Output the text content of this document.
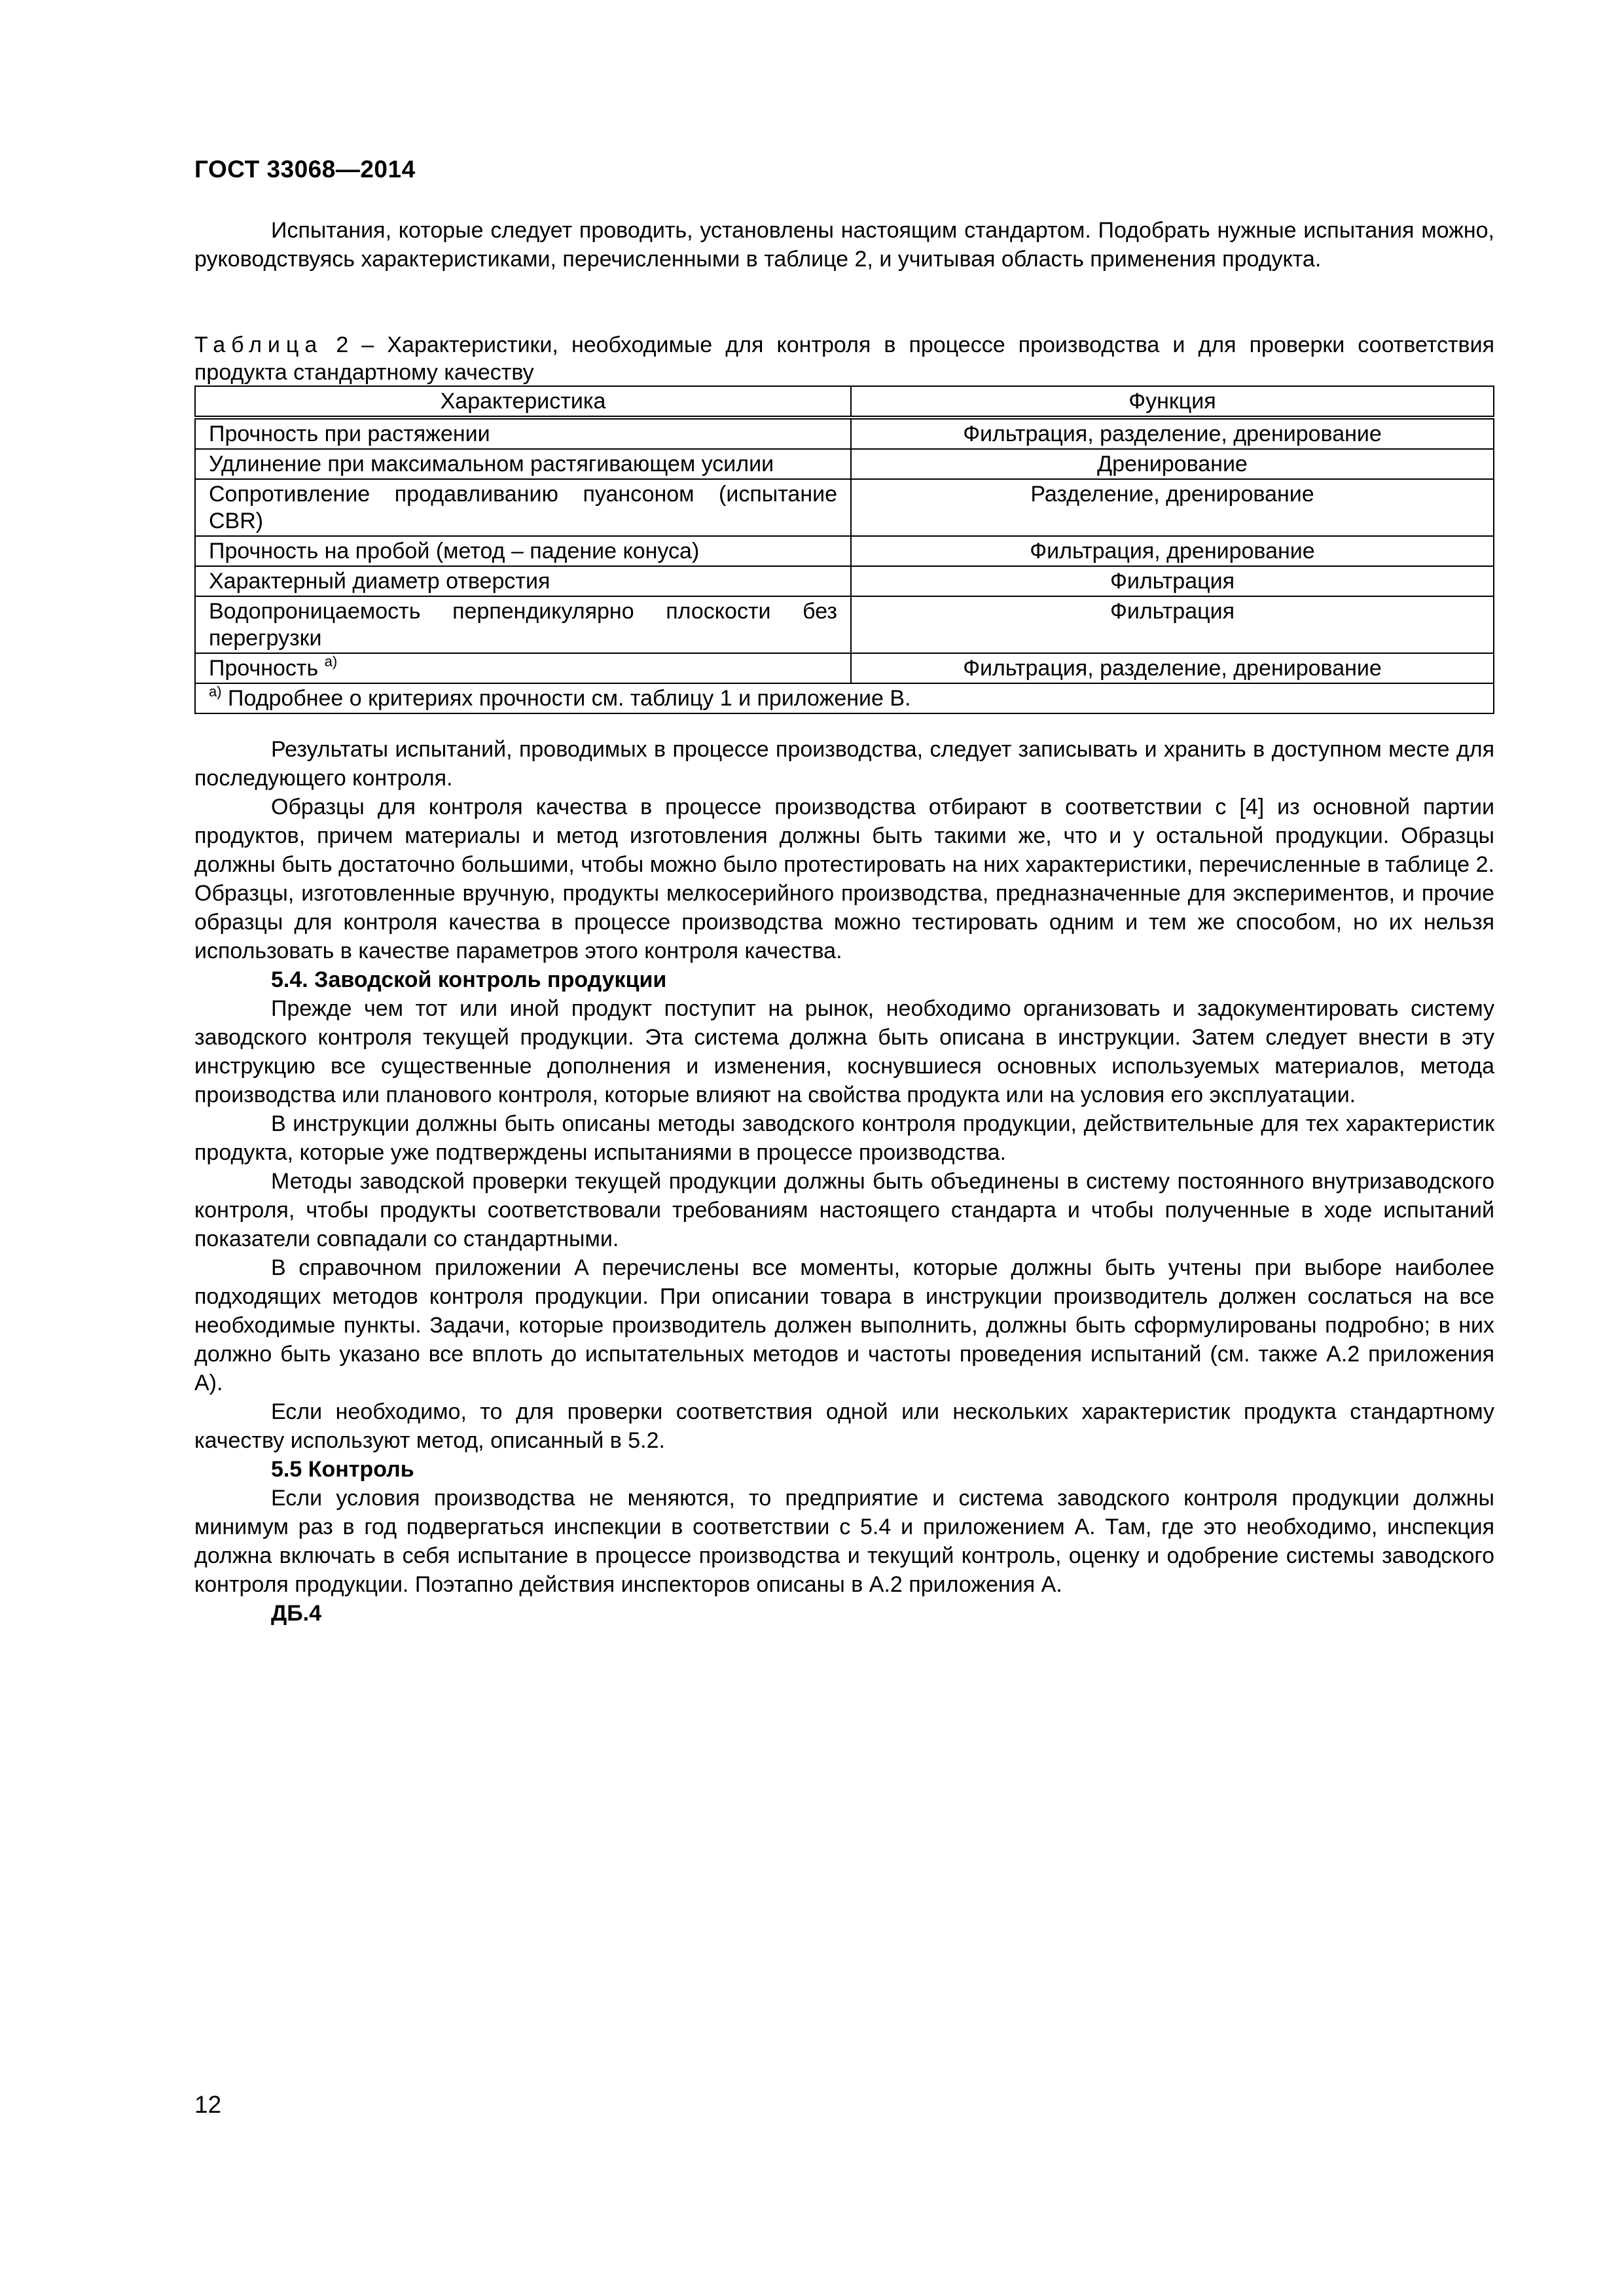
ГОСТ 33068—2014

Испытания, которые следует проводить, установлены настоящим стандартом. Подобрать нужные испытания можно, руководствуясь характеристиками, перечисленными в таблице 2, и учитывая область применения продукта.

Таблица 2 – Характеристики, необходимые для контроля в процессе производства и для проверки соответствия продукта стандартному качеству
Характеристика	Функция
Прочность при растяжении	Фильтрация, разделение, дренирование
Удлинение при максимальном растягивающем усилии	Дренирование
Сопротивление продавливанию пуансоном (испытание CBR)	Разделение, дренирование
Прочность на пробой (метод – падение конуса)	Фильтрация, дренирование
Характерный диаметр отверстия	Фильтрация
Водопроницаемость перпендикулярно плоскости без перегрузки	Фильтрация
Прочность $^{а)}$	Фильтрация, разделение, дренирование
$^{а)}$ Подробнее о критериях прочности см. таблицу 1 и приложение В.	

Результаты испытаний, проводимых в процессе производства, следует записывать и хранить в доступном месте для последующего контроля.

Образцы для контроля качества в процессе производства отбирают в соответствии с [4] из основной партии продуктов, причем материалы и метод изготовления должны быть такими же, что и у остальной продукции. Образцы должны быть достаточно большими, чтобы можно было протестировать на них характеристики, перечисленные в таблице 2. Образцы, изготовленные вручную, продукты мелкосерийного производства, предназначенные для экспериментов, и прочие образцы для контроля качества в процессе производства можно тестировать одним и тем же способом, но их нельзя использовать в качестве параметров этого контроля качества.

5.4. Заводской контроль продукции

Прежде чем тот или иной продукт поступит на рынок, необходимо организовать и задокументировать систему заводского контроля текущей продукции. Эта система должна быть описана в инструкции. Затем следует внести в эту инструкцию все существенные дополнения и изменения, коснувшиеся основных используемых материалов, метода производства или планового контроля, которые влияют на свойства продукта или на условия его эксплуатации.

В инструкции должны быть описаны методы заводского контроля продукции, действительные для тех характеристик продукта, которые уже подтверждены испытаниями в процессе производства.

Методы заводской проверки текущей продукции должны быть объединены в систему постоянного внутризаводского контроля, чтобы продукты соответствовали требованиям настоящего стандарта и чтобы полученные в ходе испытаний показатели совпадали со стандартными.

В справочном приложении А перечислены все моменты, которые должны быть учтены при выборе наиболее подходящих методов контроля продукции. При описании товара в инструкции производитель должен сослаться на все необходимые пункты. Задачи, которые производитель должен выполнить, должны быть сформулированы подробно; в них должно быть указано все вплоть до испытательных методов и частоты проведения испытаний (см. также А.2 приложения А).

Если необходимо, то для проверки соответствия одной или нескольких характеристик продукта стандартному качеству используют метод, описанный в 5.2.

5.5 Контроль

Если условия производства не меняются, то предприятие и система заводского контроля продукции должны минимум раз в год подвергаться инспекции в соответствии с 5.4 и приложением А. Там, где это необходимо, инспекция должна включать в себя испытание в процессе производства и текущий контроль, оценку и одобрение системы заводского контроля продукции. Поэтапно действия инспекторов описаны в А.2 приложения А.

ДБ.4

12
